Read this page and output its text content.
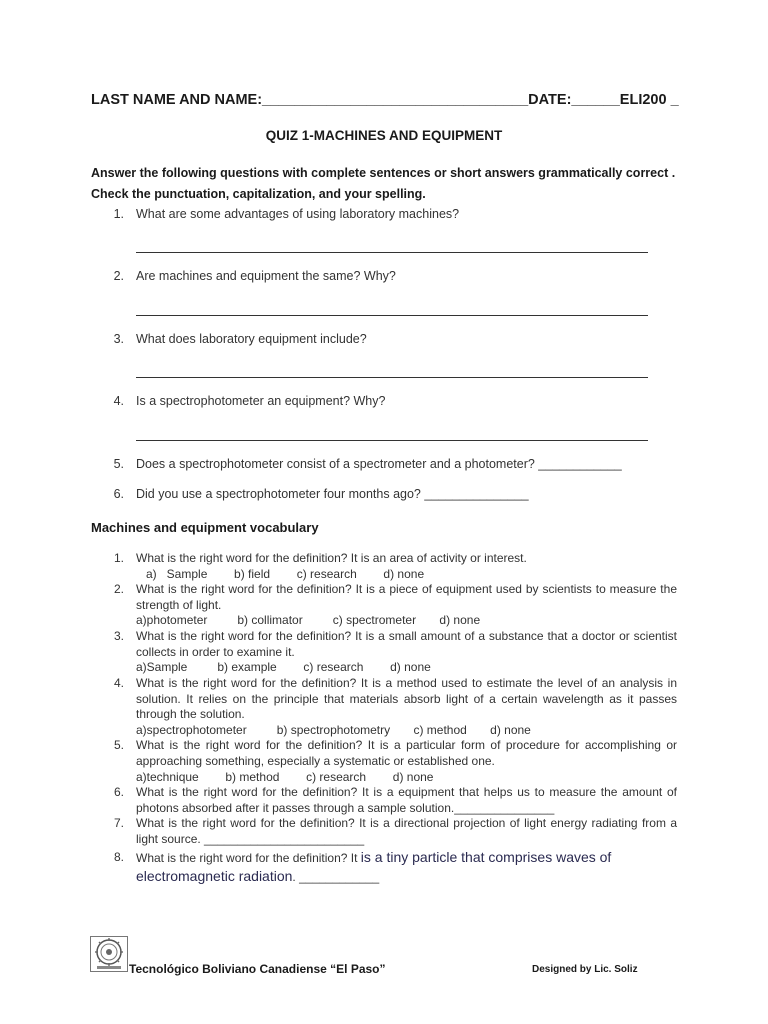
LAST NAME AND NAME:_________________________________DATE:______ELI200 _
QUIZ 1-MACHINES AND EQUIPMENT
Answer the following questions with complete sentences or short answers grammatically correct .
Check the punctuation, capitalization, and your spelling.
1. What are some advantages of using laboratory machines?
2. Are machines and equipment the same? Why?
3. What does laboratory equipment include?
4. Is a spectrophotometer an equipment? Why?
5. Does a spectrophotometer consist of a spectrometer and a photometer? ____________
6. Did you use a spectrophotometer four months ago? _______________
Machines and equipment vocabulary
1. What is the right word for the definition? It is an area of activity or interest.
a)   Sample        b) field        c) research        d) none
2. What is the right word for the definition? It is a piece of equipment used by scientists to measure the strength of light.
a)photometer         b) collimator         c) spectrometer       d) none
3. What is the right word for the definition? It is a small amount of a substance that a doctor or scientist collects in order to examine it.
a)Sample         b) example        c) research        d) none
4. What is the right word for the definition? It is a method used to estimate the level of an analysis in solution. It relies on the principle that materials absorb light of a certain wavelength as it passes through the solution.
a)spectrophotometer         b) spectrophotometry       c) method       d) none
5. What is the right word for the definition? It is a particular form of procedure for accomplishing or approaching something, especially a systematic or established one.
a)technique        b) method        c) research        d) none
6. What is the right word for the definition? It is a equipment that helps us to measure the amount of photons absorbed after it passes through a sample solution._______________
7. What is the right word for the definition? It is a directional projection of light energy radiating from a light source. ________________________
8. What is the right word for the definition? It is a tiny particle that comprises waves of electromagnetic radiation. ____________
Tecnológico Boliviano Canadiense “El Paso”	Designed by Lic. Soliz
